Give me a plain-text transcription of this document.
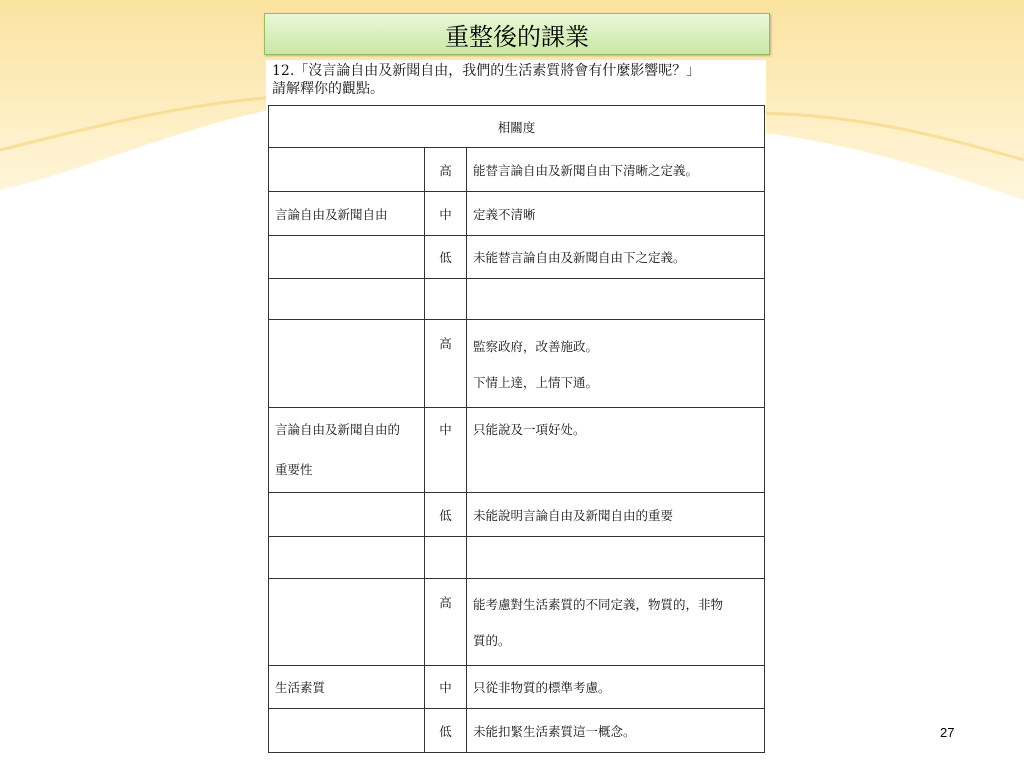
重整後的課業
12.「沒言論自由及新聞自由，我們的生活素質將會有什麼影響呢？」
請解釋你的觀點。
相關度		
	高	能替言論自由及新聞自由下清晰之定義。
言論自由及新聞自由	中	定義不清晰
	低	未能替言論自由及新聞自由下之定義。

	高	監察政府，改善施政。
下情上達，上情下通。

言論自由及新聞自由的
重要性	中	只能說及一項好处。
	低	未能說明言論自由及新聞自由的重要

	高	能考慮對生活素質的不同定義，物質的，非物
質的。

生活素質	中	只從非物質的標準考慮。
	低	未能扣緊生活素質這一概念。	27
